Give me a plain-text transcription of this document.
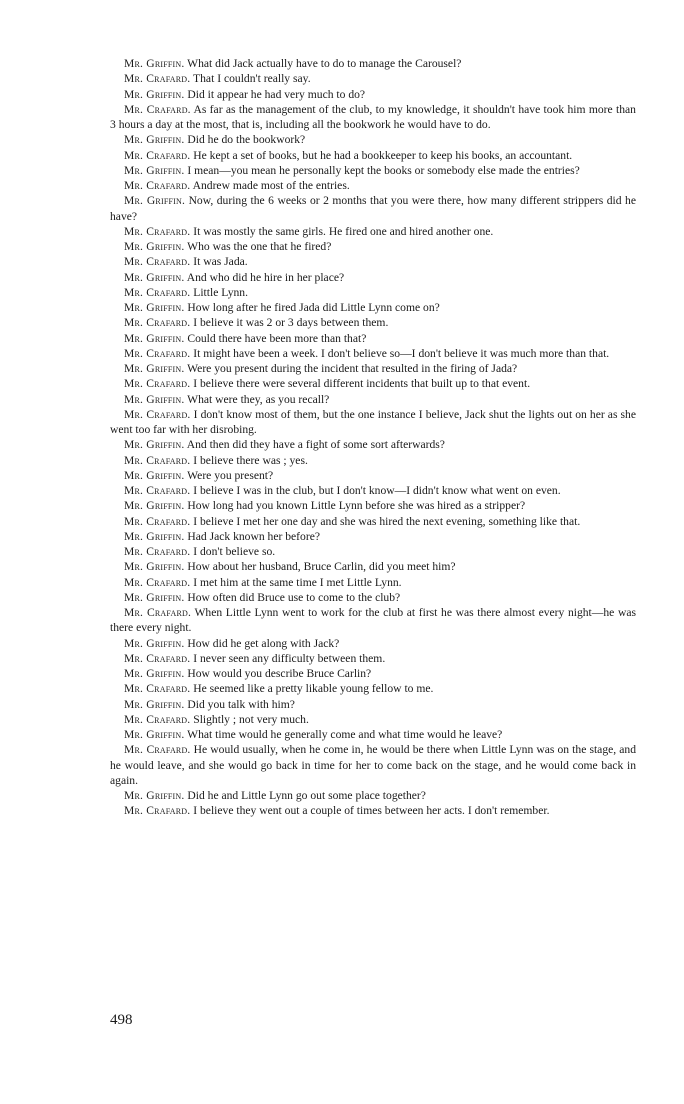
Mr. Griffin. What did Jack actually have to do to manage the Carousel?

Mr. Crafard. That I couldn't really say.

Mr. Griffin. Did it appear he had very much to do?

Mr. Crafard. As far as the management of the club, to my knowledge, it shouldn't have took him more than 3 hours a day at the most, that is, including all the bookwork he would have to do.

Mr. Griffin. Did he do the bookwork?

Mr. Crafard. He kept a set of books, but he had a bookkeeper to keep his books, an accountant.

Mr. Griffin. I mean—you mean he personally kept the books or somebody else made the entries?

Mr. Crafard. Andrew made most of the entries.

Mr. Griffin. Now, during the 6 weeks or 2 months that you were there, how many different strippers did he have?

Mr. Crafard. It was mostly the same girls. He fired one and hired another one.

Mr. Griffin. Who was the one that he fired?

Mr. Crafard. It was Jada.

Mr. Griffin. And who did he hire in her place?

Mr. Crafard. Little Lynn.

Mr. Griffin. How long after he fired Jada did Little Lynn come on?

Mr. Crafard. I believe it was 2 or 3 days between them.

Mr. Griffin. Could there have been more than that?

Mr. Crafard. It might have been a week. I don't believe so—I don't believe it was much more than that.

Mr. Griffin. Were you present during the incident that resulted in the firing of Jada?

Mr. Crafard. I believe there were several different incidents that built up to that event.

Mr. Griffin. What were they, as you recall?

Mr. Crafard. I don't know most of them, but the one instance I believe, Jack shut the lights out on her as she went too far with her disrobing.

Mr. Griffin. And then did they have a fight of some sort afterwards?

Mr. Crafard. I believe there was ; yes.

Mr. Griffin. Were you present?

Mr. Crafard. I believe I was in the club, but I don't know—I didn't know what went on even.

Mr. Griffin. How long had you known Little Lynn before she was hired as a stripper?

Mr. Crafard. I believe I met her one day and she was hired the next evening, something like that.

Mr. Griffin. Had Jack known her before?

Mr. Crafard. I don't believe so.

Mr. Griffin. How about her husband, Bruce Carlin, did you meet him?

Mr. Crafard. I met him at the same time I met Little Lynn.

Mr. Griffin. How often did Bruce use to come to the club?

Mr. Crafard. When Little Lynn went to work for the club at first he was there almost every night—he was there every night.

Mr. Griffin. How did he get along with Jack?

Mr. Crafard. I never seen any difficulty between them.

Mr. Griffin. How would you describe Bruce Carlin?

Mr. Crafard. He seemed like a pretty likable young fellow to me.

Mr. Griffin. Did you talk with him?

Mr. Crafard. Slightly ; not very much.

Mr. Griffin. What time would he generally come and what time would he leave?

Mr. Crafard. He would usually, when he come in, he would be there when Little Lynn was on the stage, and he would leave, and she would go back in time for her to come back on the stage, and he would come back in again.

Mr. Griffin. Did he and Little Lynn go out some place together?

Mr. Crafard. I believe they went out a couple of times between her acts. I don't remember.

498
